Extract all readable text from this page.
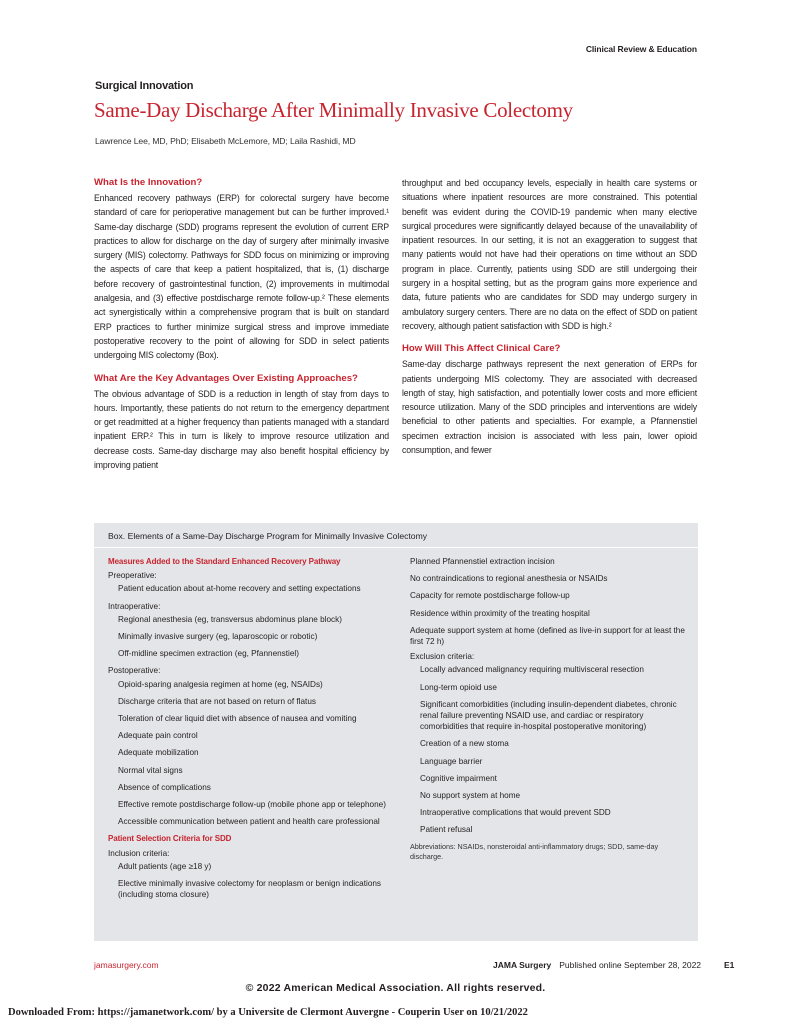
Clinical Review & Education
Surgical Innovation
Same-Day Discharge After Minimally Invasive Colectomy
Lawrence Lee, MD, PhD; Elisabeth McLemore, MD; Laila Rashidi, MD
What Is the Innovation?
Enhanced recovery pathways (ERP) for colorectal surgery have become standard of care for perioperative management but can be further improved.¹ Same-day discharge (SDD) programs represent the evolution of current ERP practices to allow for discharge on the day of surgery after minimally invasive surgery (MIS) colectomy. Pathways for SDD focus on minimizing or improving the aspects of care that keep a patient hospitalized, that is, (1) discharge before recovery of gastrointestinal function, (2) improvements in multimodal analgesia, and (3) effective postdischarge remote follow-up.² These elements act synergistically within a comprehensive program that is built on standard ERP practices to further minimize surgical stress and improve immediate postoperative recovery to the point of allowing for SDD in select patients undergoing MIS colectomy (Box).
What Are the Key Advantages Over Existing Approaches?
The obvious advantage of SDD is a reduction in length of stay from days to hours. Importantly, these patients do not return to the emergency department or get readmitted at a higher frequency than patients managed with a standard inpatient ERP.² This in turn is likely to improve resource utilization and decrease costs. Same-day discharge may also benefit hospital efficiency by improving patient
throughput and bed occupancy levels, especially in health care systems or situations where inpatient resources are more constrained. This potential benefit was evident during the COVID-19 pandemic when many elective surgical procedures were significantly delayed because of the unavailability of inpatient resources. In our setting, it is not an exaggeration to suggest that many patients would not have had their operations on time without an SDD program in place. Currently, patients using SDD are still undergoing their surgery in a hospital setting, but as the program gains more experience and data, future patients who are candidates for SDD may undergo surgery in ambulatory surgery centers. There are no data on the effect of SDD on patient recovery, although patient satisfaction with SDD is high.²
How Will This Affect Clinical Care?
Same-day discharge pathways represent the next generation of ERPs for patients undergoing MIS colectomy. They are associated with decreased length of stay, high satisfaction, and potentially lower costs and more efficient resource utilization. Many of the SDD principles and interventions are widely beneficial to other patients and specialties. For example, a Pfannenstiel specimen extraction incision is associated with less pain, lower opioid consumption, and fewer
Box. Elements of a Same-Day Discharge Program for Minimally Invasive Colectomy
Measures Added to the Standard Enhanced Recovery Pathway
Preoperative:
Patient education about at-home recovery and setting expectations
Intraoperative:
Regional anesthesia (eg, transversus abdominus plane block)
Minimally invasive surgery (eg, laparoscopic or robotic)
Off-midline specimen extraction (eg, Pfannenstiel)
Postoperative:
Opioid-sparing analgesia regimen at home (eg, NSAIDs)
Discharge criteria that are not based on return of flatus
Toleration of clear liquid diet with absence of nausea and vomiting
Adequate pain control
Adequate mobilization
Normal vital signs
Absence of complications
Effective remote postdischarge follow-up (mobile phone app or telephone)
Accessible communication between patient and health care professional
Patient Selection Criteria for SDD
Inclusion criteria:
Adult patients (age ≥18 y)
Elective minimally invasive colectomy for neoplasm or benign indications (including stoma closure)
Planned Pfannenstiel extraction incision
No contraindications to regional anesthesia or NSAIDs
Capacity for remote postdischarge follow-up
Residence within proximity of the treating hospital
Adequate support system at home (defined as live-in support for at least the first 72 h)
Exclusion criteria:
Locally advanced malignancy requiring multivisceral resection
Long-term opioid use
Significant comorbidities (including insulin-dependent diabetes, chronic renal failure preventing NSAID use, and cardiac or respiratory comorbidities that require in-hospital postoperative monitoring)
Creation of a new stoma
Language barrier
Cognitive impairment
No support system at home
Intraoperative complications that would prevent SDD
Patient refusal
Abbreviations: NSAIDs, nonsteroidal anti-inflammatory drugs; SDD, same-day discharge.
jamasurgery.com	JAMA Surgery Published online September 28, 2022	E1
© 2022 American Medical Association. All rights reserved.
Downloaded From: https://jamanetwork.com/ by a Universite de Clermont Auvergne - Couperin User on 10/21/2022
